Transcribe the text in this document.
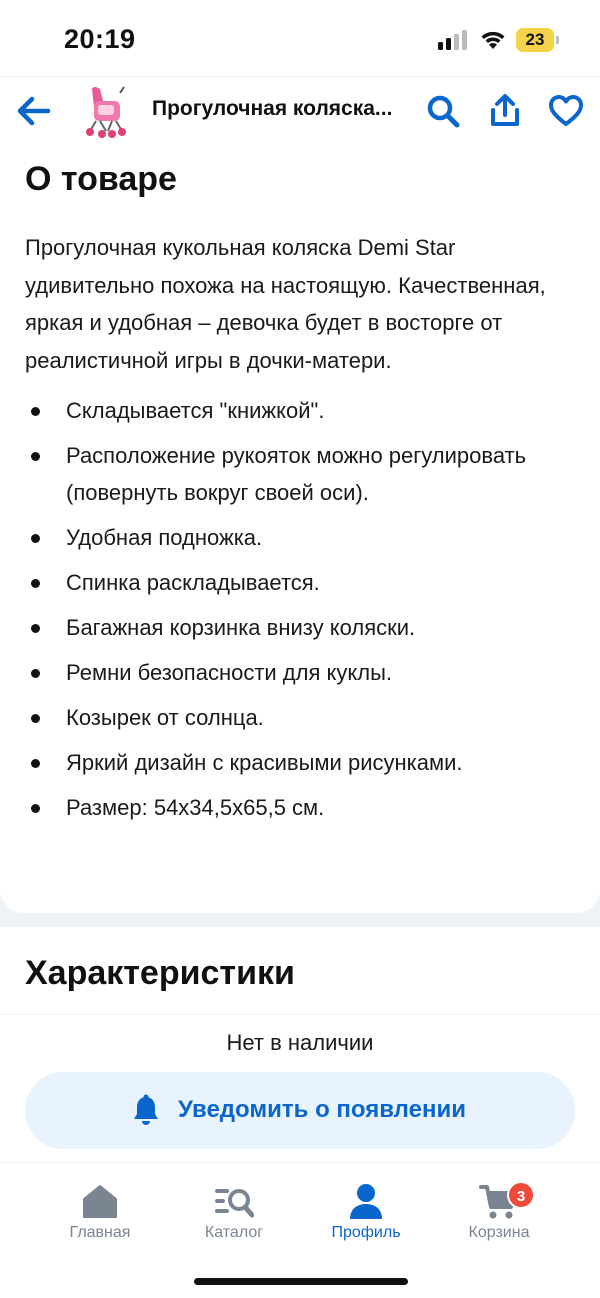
20:19	23
Прогулочная коляска...
О товаре
Прогулочная кукольная коляска Demi Star удивительно похожа на настоящую. Качественная, яркая и удобная – девочка будет в восторге от реалистичной игры в дочки-матери.
Складывается "книжкой".
Расположение рукояток можно регулировать (повернуть вокруг своей оси).
Удобная подножка.
Спинка раскладывается.
Багажная корзинка внизу коляски.
Ремни безопасности для куклы.
Козырек от солнца.
Яркий дизайн с красивыми рисунками.
Размер: 54х34,5х65,5 см.
Характеристики
Нет в наличии
Уведомить о появлении
Главная	Каталог	Профиль
3
Корзина
